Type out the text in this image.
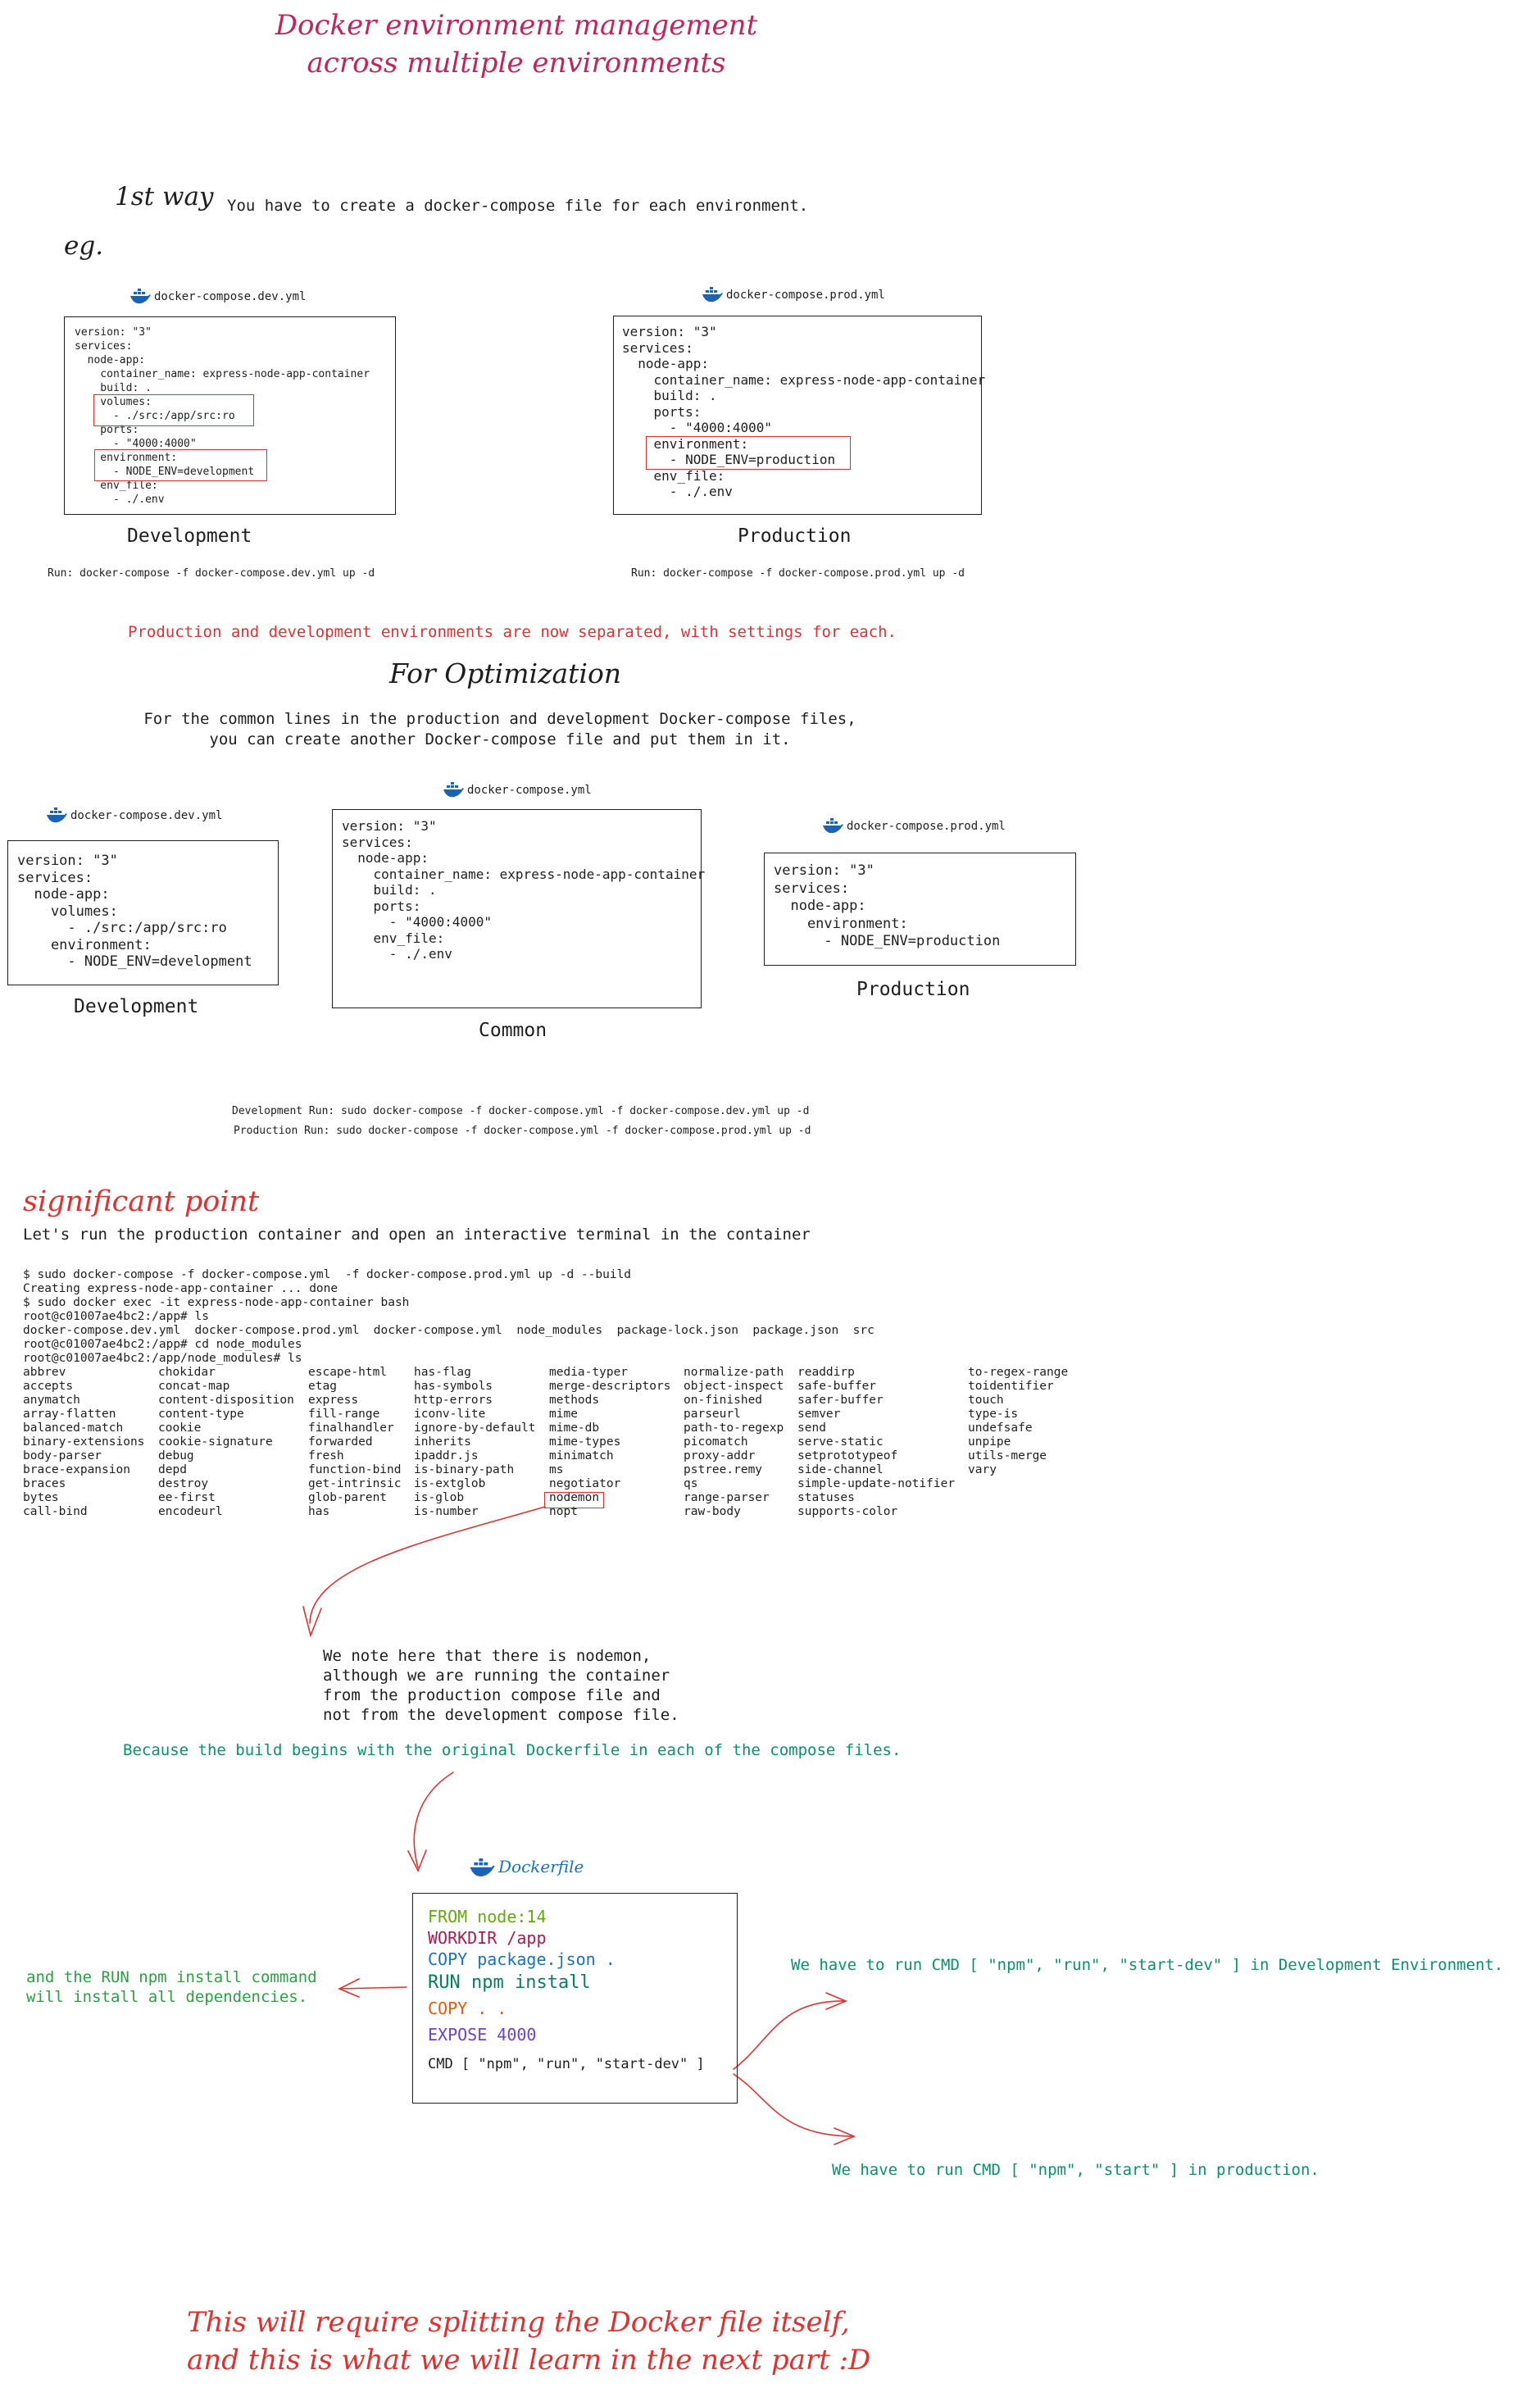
Docker environment management
across multiple environments
1st way You have to create a docker-compose file for each environment.
eg.
docker-compose.dev.yml
version: "3"
services:
node-app:
container_name: express-node-app-container
build: .
volumes:
- ./src:/app/src:ro
ports:
- "4000:4000"
environment:
- NODE_ENV=development
env_file:
- ./.env
docker-compose.prod.yml
version: "3"
services:
node-app:
container_name: express-node-app-container
build: .
ports:
- "4000:4000"
environment:
- NODE_ENV=production
env_file:
- ./.env
Development	Production
Run: docker-compose -f docker-compose.dev.yml up -d	Run: docker-compose -f docker-compose.prod.yml up -d
Production and development environments are now separated, with settings for each.
For Optimization
For the common lines in the production and development Docker-compose files,
you can create another Docker-compose file and put them in it.
docker-compose.dev.yml
version: "3"
services:
node-app:
volumes:
- ./src:/app/src:ro
environment:
- NODE_ENV=development
docker-compose.yml
version: "3"
services:
node-app:
container_name: express-node-app-container
build: .
ports:
- "4000:4000"
env_file:
- ./.env
docker-compose.prod.yml
version: "3"
services:
node-app:
environment:
- NODE_ENV=production
Development
Common
Production
Development Run: sudo docker-compose -f docker-compose.yml -f docker-compose.dev.yml up -d
Production Run: sudo docker-compose -f docker-compose.yml -f docker-compose.prod.yml up -d
significant point
Let's run the production container and open an interactive terminal in the container
$ sudo docker-compose -f docker-compose.yml  -f docker-compose.prod.yml up -d --build
Creating express-node-app-container ... done
$ sudo docker exec -it express-node-app-container bash
root@c01007ae4bc2:/app# ls
docker-compose.dev.yml  docker-compose.prod.yml  docker-compose.yml  node_modules  package-lock.json  package.json  src
root@c01007ae4bc2:/app# cd node_modules
root@c01007ae4bc2:/app/node_modules# ls
abbrev
accepts
anymatch
array-flatten
balanced-match
binary-extensions
body-parser
brace-expansion
braces
bytes
call-bind
chokidar
concat-map
content-disposition
content-type
cookie
cookie-signature
debug
depd
destroy
ee-first
encodeurl
escape-html
etag
express
fill-range
finalhandler
forwarded
fresh
function-bind
get-intrinsic
glob-parent
has
has-flag
has-symbols
http-errors
iconv-lite
ignore-by-default
inherits
ipaddr.js
is-binary-path
is-extglob
is-glob
is-number
media-typer
merge-descriptors
methods
mime
mime-db
mime-types
minimatch
ms
negotiator
nodemon
nopt
normalize-path
object-inspect
on-finished
parseurl
path-to-regexp
picomatch
proxy-addr
pstree.remy
qs
range-parser
raw-body
readdirp
safe-buffer
safer-buffer
semver
send
serve-static
setprototypeof
side-channel
simple-update-notifier
statuses
supports-color
to-regex-range
toidentifier
touch
type-is
undefsafe
unpipe
utils-merge
vary
We note here that there is nodemon,
although we are running the container
from the production compose file and
not from the development compose file.
Because the build begins with the original Dockerfile in each of the compose files.
Dockerfile
FROM node:14
WORKDIR /app
COPY package.json .
RUN npm install
COPY . .
EXPOSE 4000
CMD [ "npm", "run", "start-dev" ]
and the RUN npm install command
will install all dependencies.
We have to run CMD [ "npm", "run", "start-dev" ] in Development Environment.
We have to run CMD [ "npm", "start" ] in production.
This will require splitting the Docker file itself,
and this is what we will learn in the next part :D
